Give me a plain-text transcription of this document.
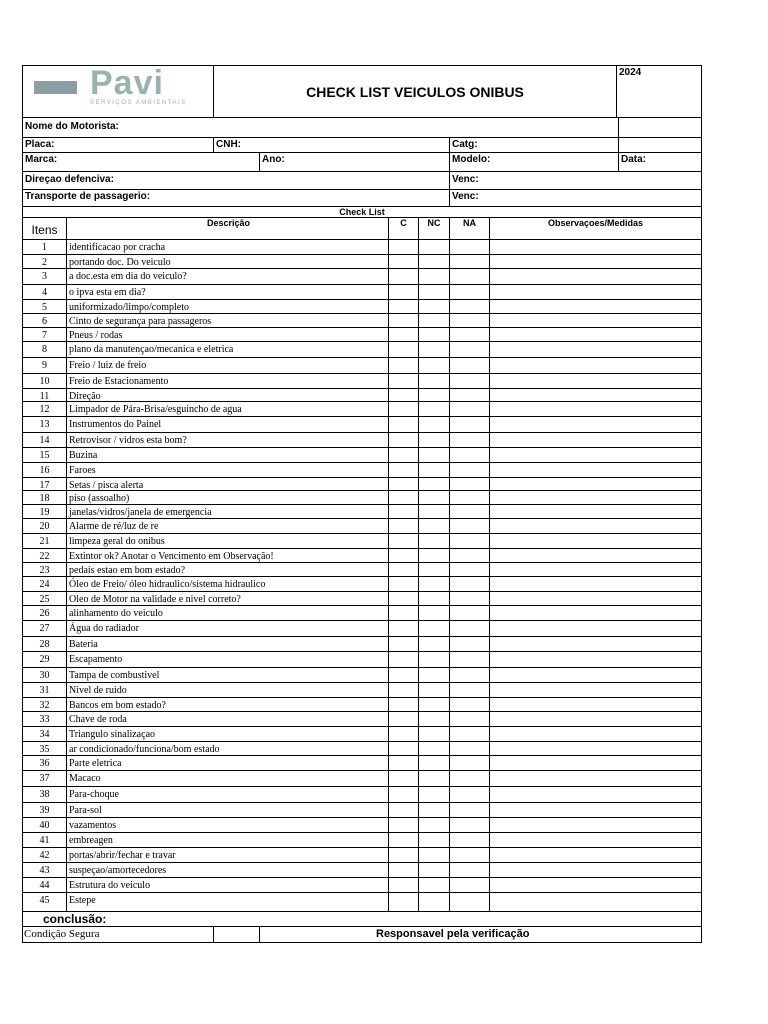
Pavi
SERVIÇOS AMBIENTAIS
CHECK LIST VEICULOS ONIBUS
2024
Nome do Motorista:
Placa:	CNH:	Catg:
Marca:	Ano:	Modelo:	Data:
Direçao defenciva:	Venc:
Transporte de passagerio:	Venc:
Check List
Itens	Descrição	C	NC	NA	Observaçoes/Medidas
1	identificacao por cracha
2	portando doc. Do veiculo
3	a doc.esta em dia do veiculo?
4	o ipva esta em dia?
5	uniformizado/limpo/completo
6	Cinto de segurança para passageros
7	Pneus / rodas
8	plano da manutençao/mecanica e eletrica
9	Freio / luiz de freio
10	Freio de Estacionamento
11	Direção
12	Limpador de Pára-Brisa/esguincho de agua
13	Instrumentos do Painel
14	Retrovisor / vidros esta bom?
15	Buzina
16	Faroes
17	Setas / pisca alerta
18	piso (assoalho)
19	janelas/vidros/janela de emergencia
20	Alarme de ré/luz de re
21	limpeza geral do onibus
22	Extintor ok? Anotar o Vencimento em Observação!
23	pedais estao em bom estado?
24	Óleo de Freio/ óleo hidraulico/sistema hidraulico
25	Oleo de Motor na validade e nivel correto?
26	alinhamento do veiculo
27	Água do radiador
28	Bateria
29	Escapamento
30	Tampa de combustivel
31	Nivel de ruido
32	Bancos em bom estado?
33	Chave de roda
34	Triangulo sinalizaçao
35	ar condicionado/funciona/bom estado
36	Parte eletrica
37	Macaco
38	Para-choque
39	Para-sol
40	vazamentos
41	embreagen
42	portas/abrir/fechar e travar
43	suspeçao/amortecedores
44	Estrutura do veiculo
45	Estepe
conclusão:
Condição Segura	Responsavel pela verificação
